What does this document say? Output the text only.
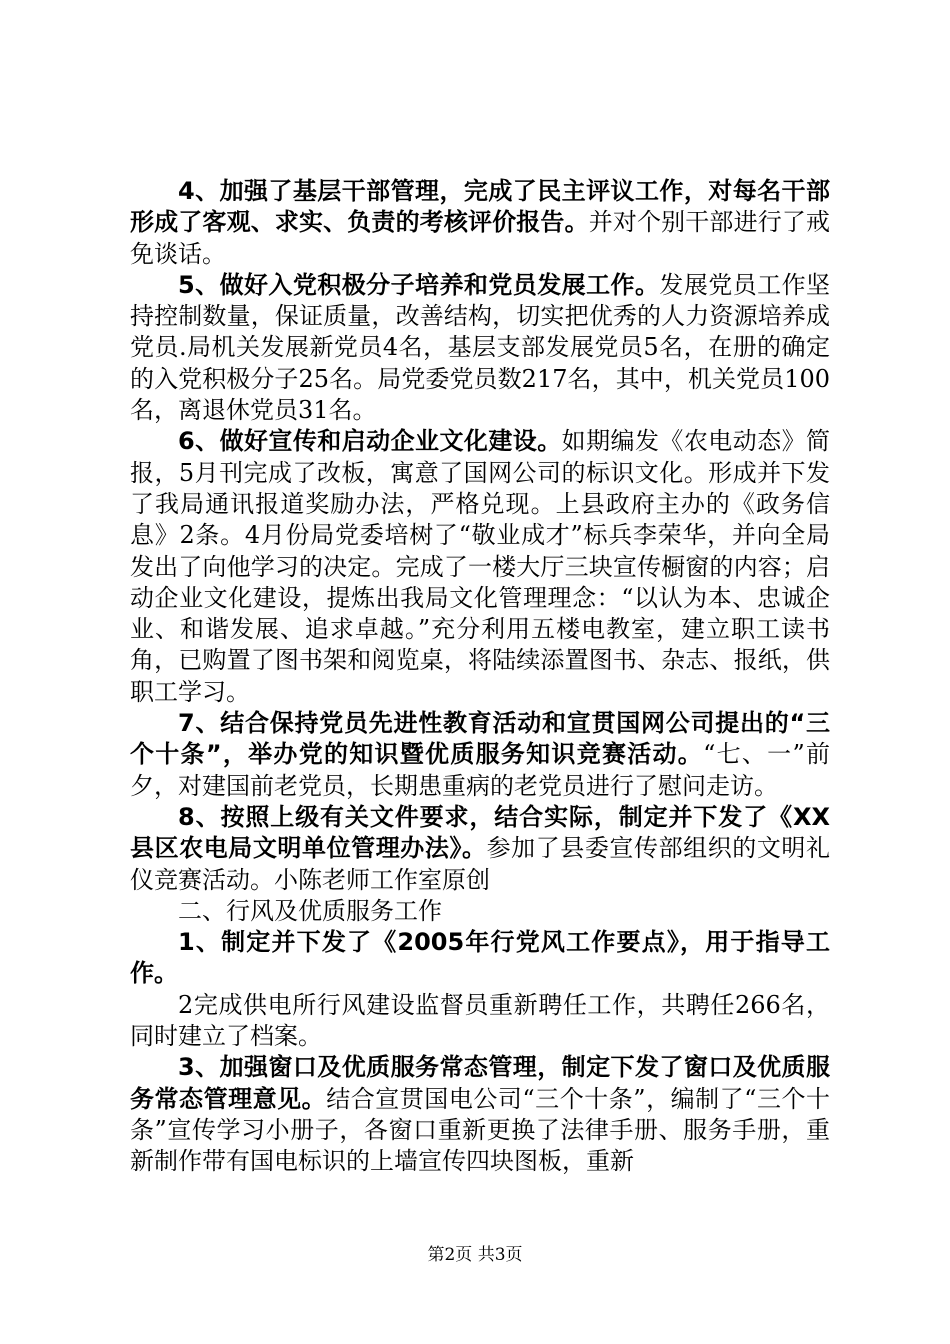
4、加强了基层干部管理，完成了民主评议工作，对每名干部形成了客观、求实、负责的考核评价报告。并对个别干部进行了戒免谈话。

5、做好入党积极分子培养和党员发展工作。发展党员工作坚持控制数量，保证质量，改善结构，切实把优秀的人力资源培养成党员.局机关发展新党员4名，基层支部发展党员5名，在册的确定的入党积极分子25名。局党委党员数217名，其中，机关党员100名，离退休党员31名。

6、做好宣传和启动企业文化建设。如期编发《农电动态》简报，5月刊完成了改板，寓意了国网公司的标识文化。形成并下发了我局通讯报道奖励办法，严格兑现。上县政府主办的《政务信息》2条。4月份局党委培树了“敬业成才”标兵李荣华，并向全局发出了向他学习的决定。完成了一楼大厅三块宣传橱窗的内容；启动企业文化建设，提炼出我局文化管理理念：“以认为本、忠诚企业、和谐发展、追求卓越。”充分利用五楼电教室，建立职工读书角，已购置了图书架和阅览桌，将陆续添置图书、杂志、报纸，供职工学习。

7、结合保持党员先进性教育活动和宣贯国网公司提出的“三个十条”，举办党的知识暨优质服务知识竞赛活动。“七、一”前夕，对建国前老党员，长期患重病的老党员进行了慰问走访。

8、按照上级有关文件要求，结合实际，制定并下发了《XX县区农电局文明单位管理办法》。参加了县委宣传部组织的文明礼仪竞赛活动。小陈老师工作室原创

二、行风及优质服务工作

1、制定并下发了《2005年行党风工作要点》，用于指导工作。

2完成供电所行风建设监督员重新聘任工作，共聘任266名，同时建立了档案。

3、加强窗口及优质服务常态管理，制定下发了窗口及优质服务常态管理意见。结合宣贯国电公司“三个十条”，编制了“三个十条”宣传学习小册子，各窗口重新更换了法律手册、服务手册，重新制作带有国电标识的上墙宣传四块图板，重新

第2页 共3页
